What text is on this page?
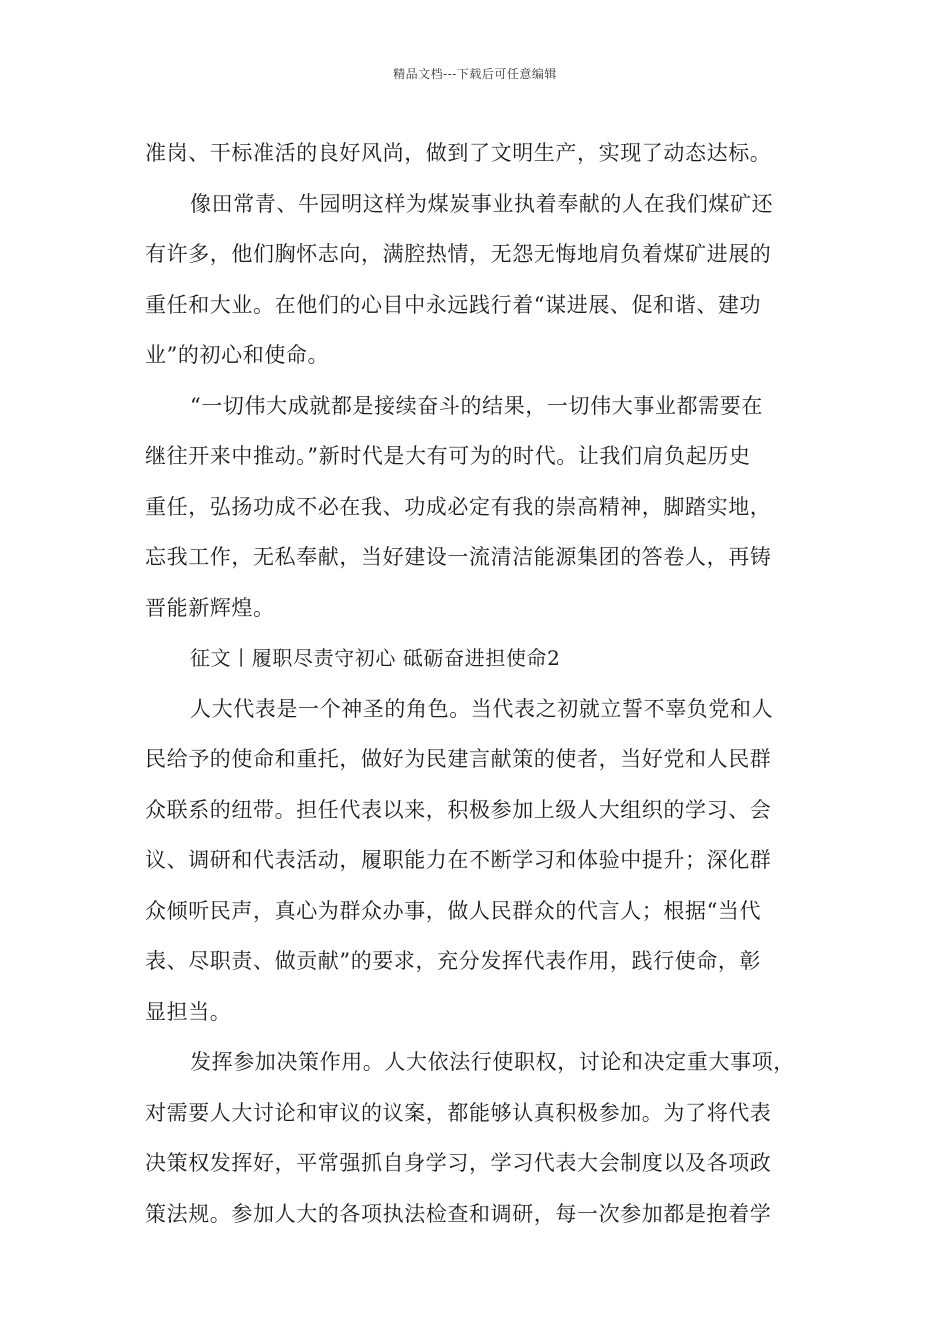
精品文档---下载后可任意编辑
准岗、干标准活的良好风尚，做到了文明生产，实现了动态达标。
像田常青、牛园明这样为煤炭事业执着奉献的人在我们煤矿还
有许多，他们胸怀志向，满腔热情，无怨无悔地肩负着煤矿进展的
重任和大业。在他们的心目中永远践行着“谋进展、促和谐、建功
业”的初心和使命。
“一切伟大成就都是接续奋斗的结果，一切伟大事业都需要在
继往开来中推动。”新时代是大有可为的时代。让我们肩负起历史
重任，弘扬功成不必在我、功成必定有我的崇高精神，脚踏实地，
忘我工作，无私奉献，当好建设一流清洁能源集团的答卷人，再铸
晋能新辉煌。
征文丨履职尽责守初心 砥砺奋进担使命2
人大代表是一个神圣的角色。当代表之初就立誓不辜负党和人
民给予的使命和重托，做好为民建言献策的使者，当好党和人民群
众联系的纽带。担任代表以来，积极参加上级人大组织的学习、会
议、调研和代表活动，履职能力在不断学习和体验中提升；深化群
众倾听民声，真心为群众办事，做人民群众的代言人；根据“当代
表、尽职责、做贡献”的要求，充分发挥代表作用，践行使命，彰
显担当。
发挥参加决策作用。人大依法行使职权，讨论和决定重大事项，
对需要人大讨论和审议的议案，都能够认真积极参加。为了将代表
决策权发挥好，平常强抓自身学习，学习代表大会制度以及各项政
策法规。参加人大的各项执法检查和调研，每一次参加都是抱着学
